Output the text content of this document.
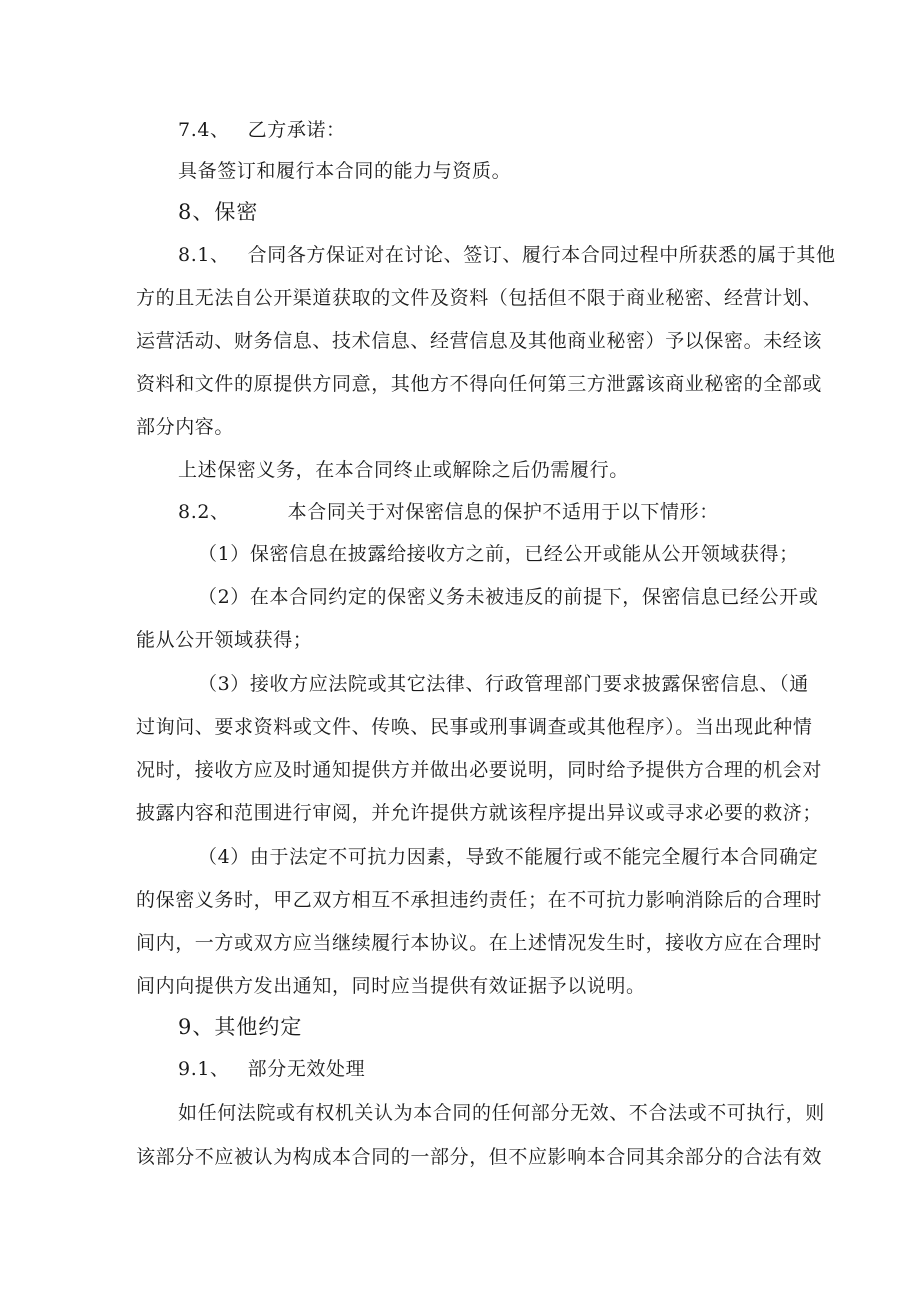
7.4、 乙方承诺：
具备签订和履行本合同的能力与资质。
8、保密
8.1、 合同各方保证对在讨论、签订、履行本合同过程中所获悉的属于其他
方的且无法自公开渠道获取的文件及资料（包括但不限于商业秘密、经营计划、
运营活动、财务信息、技术信息、经营信息及其他商业秘密）予以保密。未经该
资料和文件的原提供方同意，其他方不得向任何第三方泄露该商业秘密的全部或
部分内容。
上述保密义务，在本合同终止或解除之后仍需履行。
8.2、	本合同关于对保密信息的保护不适用于以下情形：
（1）保密信息在披露给接收方之前，已经公开或能从公开领域获得；
（2）在本合同约定的保密义务未被违反的前提下，保密信息已经公开或
能从公开领域获得；
（3）接收方应法院或其它法律、行政管理部门要求披露保密信息、（通
过询问、要求资料或文件、传唤、民事或刑事调查或其他程序）。当出现此种情
况时，接收方应及时通知提供方并做出必要说明，同时给予提供方合理的机会对
披露内容和范围进行审阅，并允许提供方就该程序提出异议或寻求必要的救济；
（4）由于法定不可抗力因素，导致不能履行或不能完全履行本合同确定
的保密义务时，甲乙双方相互不承担违约责任；在不可抗力影响消除后的合理时
间内，一方或双方应当继续履行本协议。在上述情况发生时，接收方应在合理时
间内向提供方发出通知，同时应当提供有效证据予以说明。
9、其他约定
9.1、 部分无效处理
如任何法院或有权机关认为本合同的任何部分无效、不合法或不可执行，则
该部分不应被认为构成本合同的一部分，但不应影响本合同其余部分的合法有效
